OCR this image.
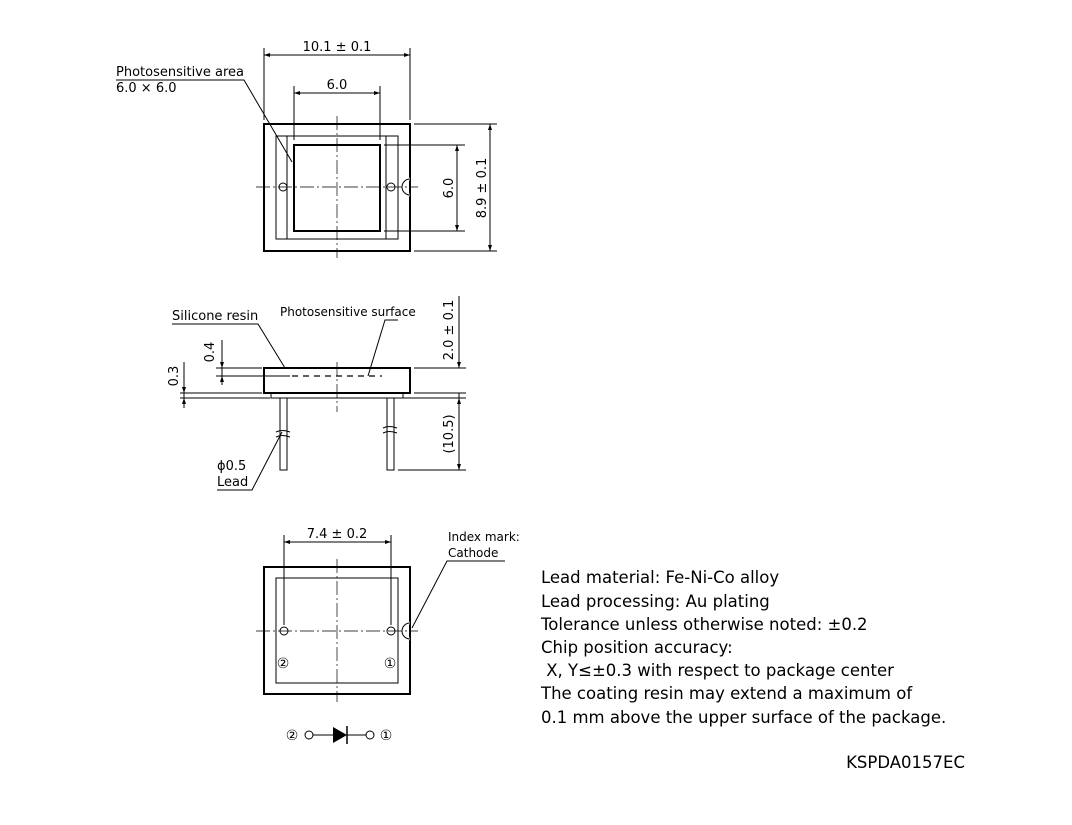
10.1 ± 0.1
6.0
6.0 8.9 ± 0.1
Photosensitive area
6.0 × 6.0
2.0 ± 0.1
(10.5)
0.4
0.3
Silicone resin Photosensitive surface
ϕ0.5
Lead
②	①
7.4 ± 0.2	Index mark:
Cathode
②	①
Lead material: Fe-Ni-Co alloy
Lead processing: Au plating
Tolerance unless otherwise noted: ±0.2
Chip position accuracy:
X, Y≤±0.3 with respect to package center
The coating resin may extend a maximum of
0.1 mm above the upper surface of the package.
KSPDA0157EC
